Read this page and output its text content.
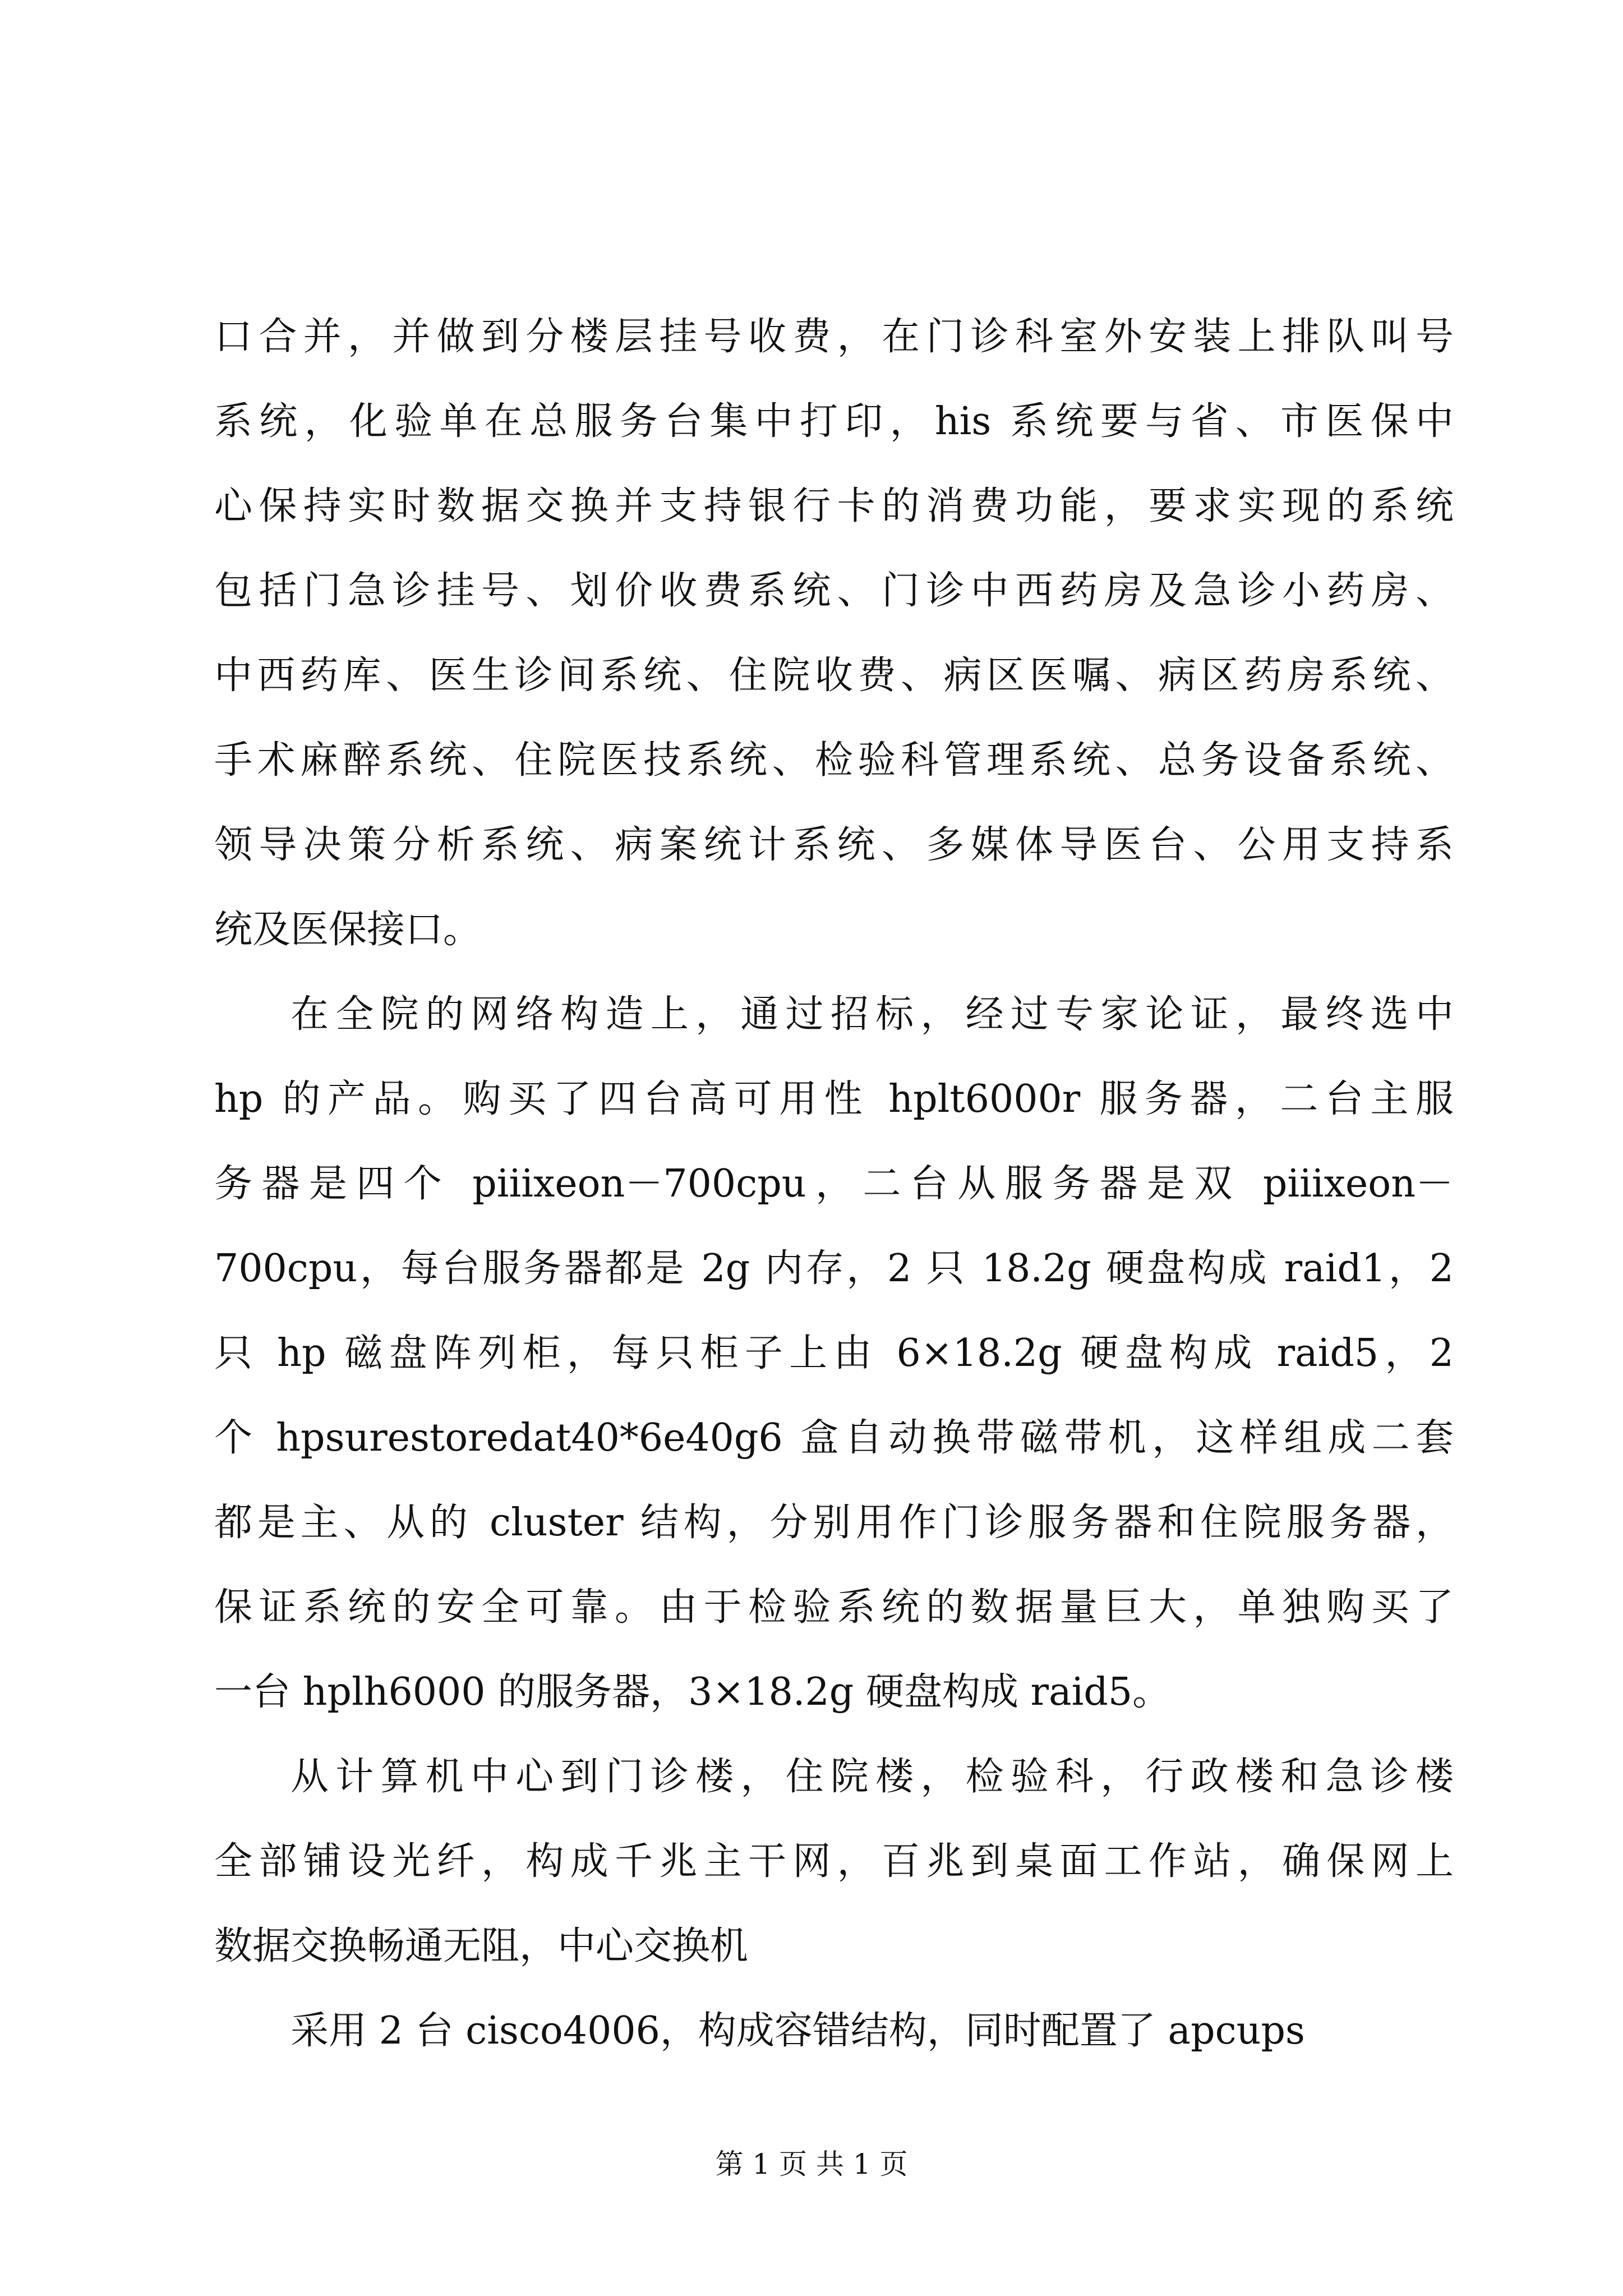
口合并，并做到分楼层挂号收费，在门诊科室外安装上排队叫号
系统，化验单在总服务台集中打印，his 系统要与省、市医保中
心保持实时数据交换并支持银行卡的消费功能，要求实现的系统
包括门急诊挂号、划价收费系统、门诊中西药房及急诊小药房、
中西药库、医生诊间系统、住院收费、病区医嘱、病区药房系统、
手术麻醉系统、住院医技系统、检验科管理系统、总务设备系统、
领导决策分析系统、病案统计系统、多媒体导医台、公用支持系
统及医保接口。
在全院的网络构造上，通过招标，经过专家论证，最终选中
hp 的产品。购买了四台高可用性 hplt6000r 服务器，二台主服
务器是四个 piiixeon－700cpu，二台从服务器是双 piiixeon－
700cpu，每台服务器都是 2g 内存，2 只 18.2g 硬盘构成 raid1，2
只 hp 磁盘阵列柜，每只柜子上由 6×18.2g 硬盘构成 raid5，2
个 hpsurestoredat40*6e40g6 盒自动换带磁带机，这样组成二套
都是主、从的 cluster 结构，分别用作门诊服务器和住院服务器，
保证系统的安全可靠。由于检验系统的数据量巨大，单独购买了
一台 hplh6000 的服务器，3×18.2g 硬盘构成 raid5。
从计算机中心到门诊楼，住院楼，检验科，行政楼和急诊楼
全部铺设光纤，构成千兆主干网，百兆到桌面工作站，确保网上
数据交换畅通无阻，中心交换机
采用 2 台 cisco4006，构成容错结构，同时配置了 apcups
第 1 页 共 1 页
